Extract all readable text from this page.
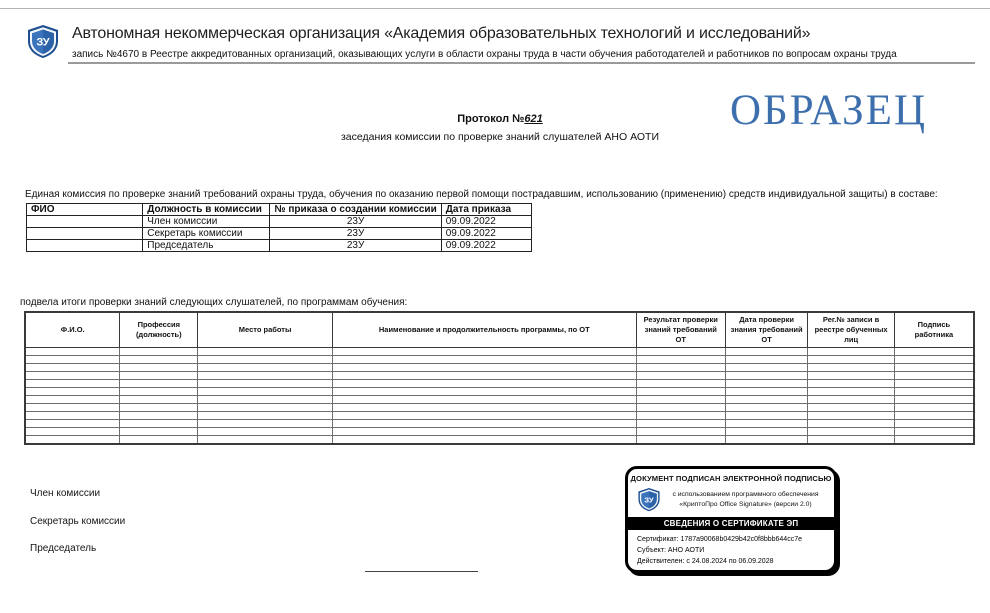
Автономная некоммерческая организация «Академия образовательных технологий и исследований»
запись №4670 в Реестре аккредитованных организаций, оказывающих услуги в области охраны труда в части обучения работодателей и работников по вопросам охраны труда
Протокол №621
заседания комиссии по проверке знаний слушателей АНО АОТИ
ОБРАЗЕЦ
Единая комиссия по проверке знаний требований охраны труда, обучения по оказанию первой помощи пострадавшим, использованию (применению) средств индивидуальной защиты) в составе:
ФИО	Должность в комиссии	№ приказа о создании комиссии	Дата приказа
	Член комиссии	23У	09.09.2022
	Секретарь комиссии	23У	09.09.2022
	Председатель	23У	09.09.2022
подвела итоги проверки знаний следующих слушателей, по программам обучения:
Ф.И.О.	Профессия (должность)	Место работы	Наименование и продолжительность программы, по ОТ	Результат проверки знаний требований ОТ	Дата проверки знания требований ОТ	Рег.№ записи в реестре обученных лиц	Подпись работника

Член комиссии
Секретарь комиссии
Председатель
ДОКУМЕНТ ПОДПИСАН ЭЛЕКТРОННОЙ ПОДПИСЬЮ
с использованием программного обеспечения
«КриптоПро Office Signature» (версии 2.0)
СВЕДЕНИЯ О СЕРТИФИКАТЕ ЭП
Сертификат: 1787a90068b0429b42c0f8bbb644cc7e
Субъект: АНО АОТИ
Действителен: с 24.08.2024 по 06.09.2028
